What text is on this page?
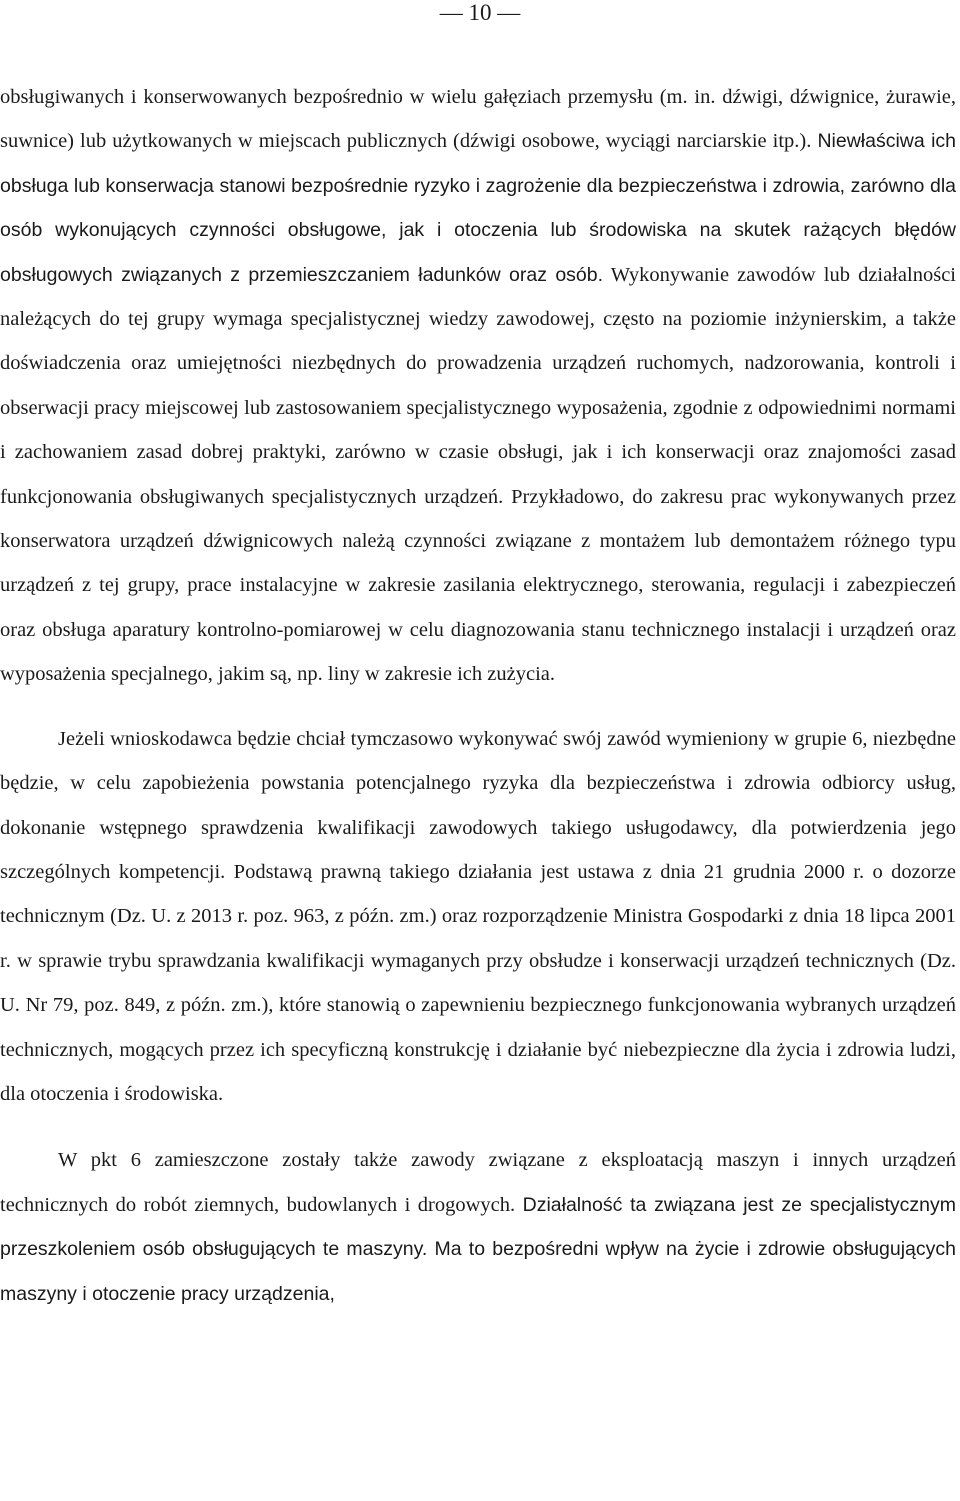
— 10 —

obsługiwanych i konserwowanych bezpośrednio w wielu gałęziach przemysłu (m. in. dźwigi, dźwignice, żurawie, suwnice) lub użytkowanych w miejscach publicznych (dźwigi osobowe, wyciągi narciarskie itp.). Niewłaściwa ich obsługa lub konserwacja stanowi bezpośrednie ryzyko i zagrożenie dla bezpieczeństwa i zdrowia, zarówno dla osób wykonujących czynności obsługowe, jak i otoczenia lub środowiska na skutek rażących błędów obsługowych związanych z przemieszczaniem ładunków oraz osób. Wykonywanie zawodów lub działalności należących do tej grupy wymaga specjalistycznej wiedzy zawodowej, często na poziomie inżynierskim, a także doświadczenia oraz umiejętności niezbędnych do prowadzenia urządzeń ruchomych, nadzorowania, kontroli i obserwacji pracy miejscowej lub zastosowaniem specjalistycznego wyposażenia, zgodnie z odpowiednimi normami i zachowaniem zasad dobrej praktyki, zarówno w czasie obsługi, jak i ich konserwacji oraz znajomości zasad funkcjonowania obsługiwanych specjalistycznych urządzeń. Przykładowo, do zakresu prac wykonywanych przez konserwatora urządzeń dźwignicowych należą czynności związane z montażem lub demontażem różnego typu urządzeń z tej grupy, prace instalacyjne w zakresie zasilania elektrycznego, sterowania, regulacji i zabezpieczeń oraz obsługa aparatury kontrolno-pomiarowej w celu diagnozowania stanu technicznego instalacji i urządzeń oraz wyposażenia specjalnego, jakim są, np. liny w zakresie ich zużycia.

Jeżeli wnioskodawca będzie chciał tymczasowo wykonywać swój zawód wymieniony w grupie 6, niezbędne będzie, w celu zapobieżenia powstania potencjalnego ryzyka dla bezpieczeństwa i zdrowia odbiorcy usług, dokonanie wstępnego sprawdzenia kwalifikacji zawodowych takiego usługodawcy, dla potwierdzenia jego szczególnych kompetencji. Podstawą prawną takiego działania jest ustawa z dnia 21 grudnia 2000 r. o dozorze technicznym (Dz. U. z 2013 r. poz. 963, z późn. zm.) oraz rozporządzenie Ministra Gospodarki z dnia 18 lipca 2001 r. w sprawie trybu sprawdzania kwalifikacji wymaganych przy obsłudze i konserwacji urządzeń technicznych (Dz. U. Nr 79, poz. 849, z późn. zm.), które stanowią o zapewnieniu bezpiecznego funkcjonowania wybranych urządzeń technicznych, mogących przez ich specyficzną konstrukcję i działanie być niebezpieczne dla życia i zdrowia ludzi, dla otoczenia i środowiska.

W pkt 6 zamieszczone zostały także zawody związane z eksploatacją maszyn i innych urządzeń technicznych do robót ziemnych, budowlanych i drogowych. Działalność ta związana jest ze specjalistycznym przeszkoleniem osób obsługujących te maszyny. Ma to bezpośredni wpływ na życie i zdrowie obsługujących maszyny i otoczenie pracy urządzenia,
